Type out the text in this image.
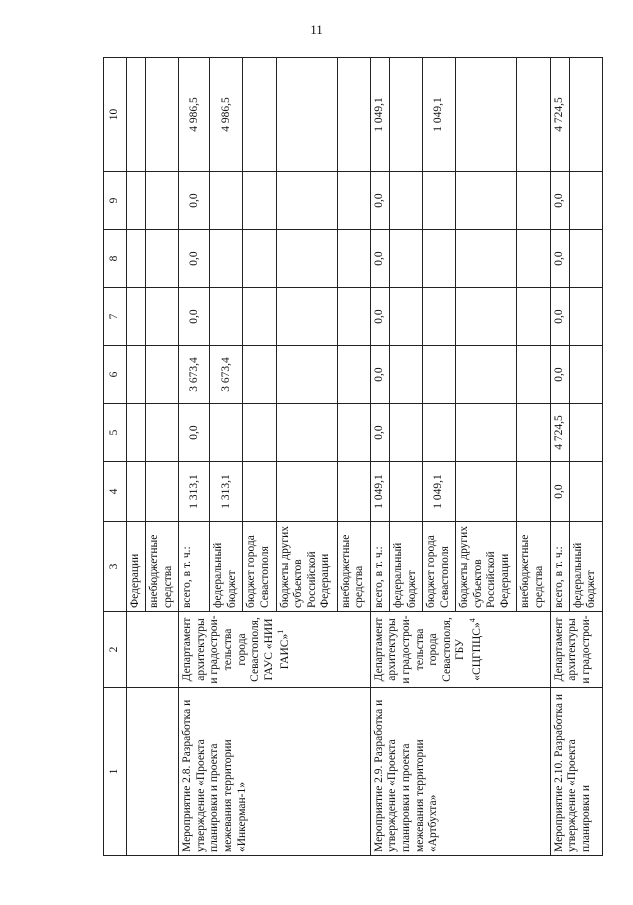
11
1	2	3	4	5	6	7	8	9	10
		Федерации							
		внебюджетные средства							
Мероприятие 2.8. Разработка и утверждение «Проекта планировки и проекта межевания территории «Инкерман-1»	Департамент архитектуры и градострои-тельства города Севастополя, ГАУС «НИИ ГАИС»$^1$	всего, в т. ч.:	1 313,1	0,0	3 673,4	0,0	0,0	0,0	4 986,5
		федеральный бюджет	1 313,1		3 673,4				4 986,5
		бюджет города Севастополя							
		бюджеты других субъектов Российской Федерации							
		внебюджетные средства							
Мероприятие 2.9. Разработка и утверждение «Проекта планировки и проекта межевания территории «Артбухта»	Департамент архитектуры и градострои-тельства города Севастополя, ГБУ «СЦГПЦС»$^4$	всего, в т. ч.:	1 049,1	0,0	0,0	0,0	0,0	0,0	1 049,1
		федеральный бюджет							
		бюджет города Севастополя	1 049,1						1 049,1
		бюджеты других субъектов Российской Федерации							
		внебюджетные средства							
Мероприятие 2.10. Разработка и утверждение «Проекта планировки и	Департамент архитектуры и градострои-	всего, в т. ч.:	0,0	4 724,5	0,0	0,0	0,0	0,0	4 724,5
		федеральный бюджет							
